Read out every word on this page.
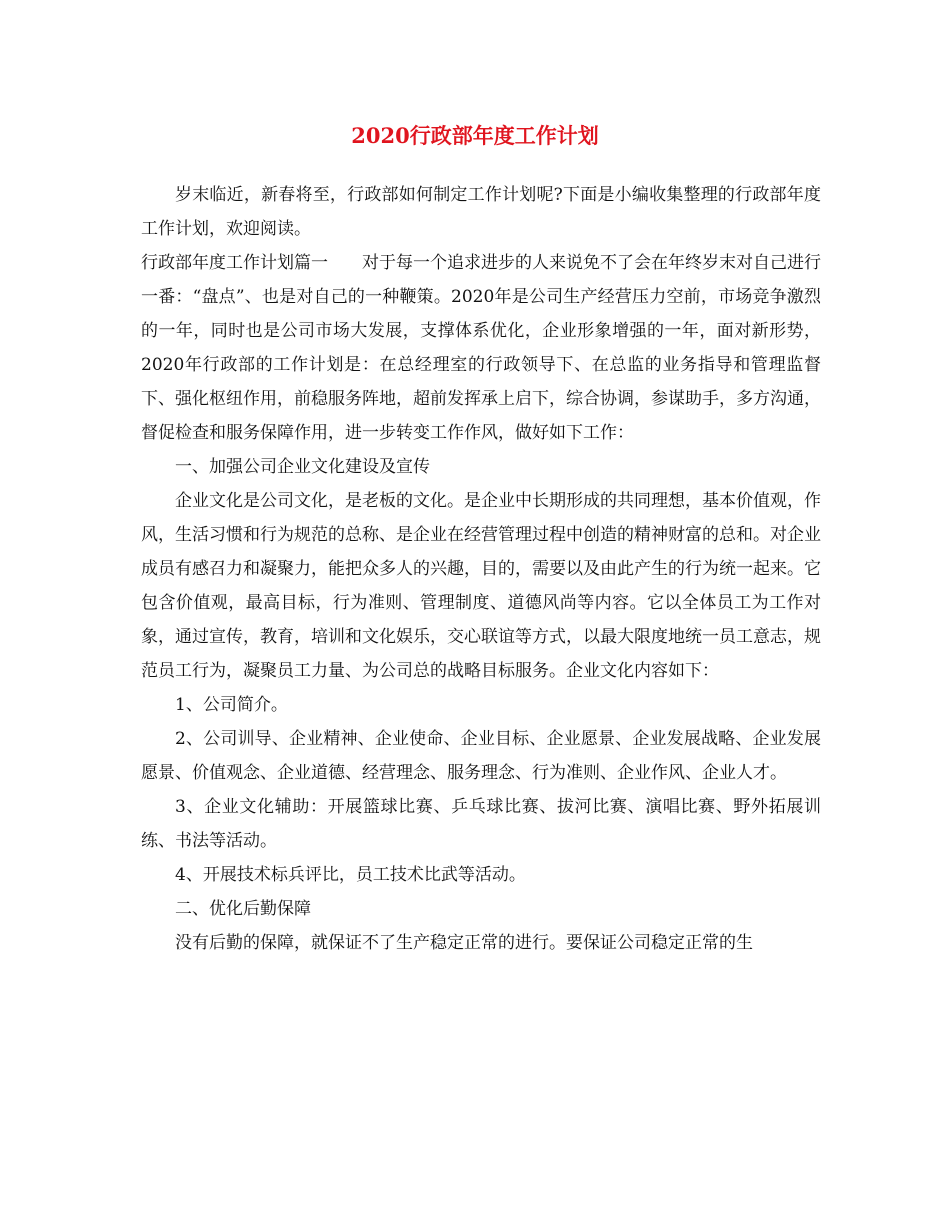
2020行政部年度工作计划

岁末临近，新春将至，行政部如何制定工作计划呢?下面是小编收集整理的行政部年度工作计划，欢迎阅读。

行政部年度工作计划篇一　　对于每一个追求进步的人来说免不了会在年终岁末对自己进行一番：“盘点”、也是对自己的一种鞭策。2020年是公司生产经营压力空前，市场竞争激烈的一年，同时也是公司市场大发展，支撑体系优化，企业形象增强的一年，面对新形势，2020年行政部的工作计划是：在总经理室的行政领导下、在总监的业务指导和管理监督下、强化枢纽作用，前稳服务阵地，超前发挥承上启下，综合协调，参谋助手，多方沟通，督促检查和服务保障作用，进一步转变工作作风，做好如下工作：

一、加强公司企业文化建设及宣传

企业文化是公司文化，是老板的文化。是企业中长期形成的共同理想，基本价值观，作风，生活习惯和行为规范的总称、是企业在经营管理过程中创造的精神财富的总和。对企业成员有感召力和凝聚力，能把众多人的兴趣，目的，需要以及由此产生的行为统一起来。它包含价值观，最高目标，行为准则、管理制度、道德风尚等内容。它以全体员工为工作对象，通过宣传，教育，培训和文化娱乐，交心联谊等方式，以最大限度地统一员工意志，规范员工行为，凝聚员工力量、为公司总的战略目标服务。企业文化内容如下：

1、公司简介。

2、公司训导、企业精神、企业使命、企业目标、企业愿景、企业发展战略、企业发展愿景、价值观念、企业道德、经营理念、服务理念、行为准则、企业作风、企业人才。

3、企业文化辅助：开展篮球比赛、乒乓球比赛、拔河比赛、演唱比赛、野外拓展训练、书法等活动。

4、开展技术标兵评比，员工技术比武等活动。

二、优化后勤保障

没有后勤的保障，就保证不了生产稳定正常的进行。要保证公司稳定正常的生
